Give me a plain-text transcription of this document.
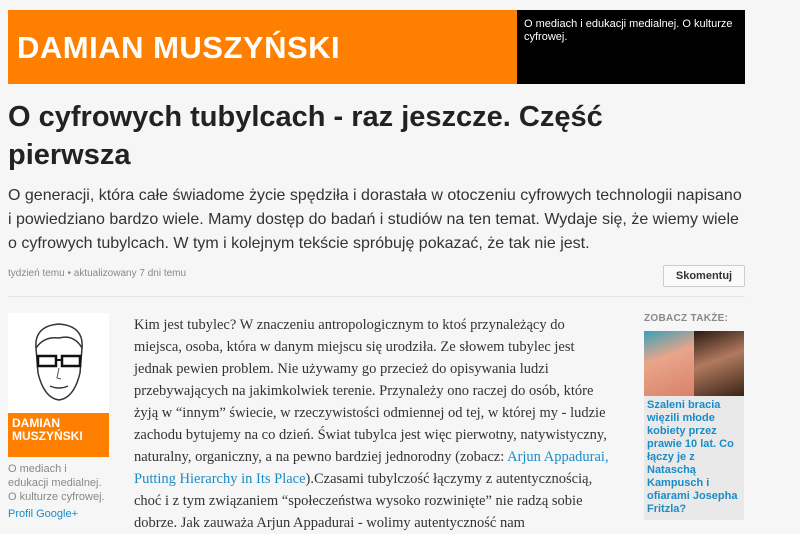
DAMIAN MUSZYŃSKI
O mediach i edukacji medialnej. O kulturze cyfrowej.
O cyfrowych tubylcach - raz jeszcze. Część pierwsza

O generacji, która całe świadome życie spędziła i dorastała w otoczeniu cyfrowych technologii napisano i powiedziano bardzo wiele. Mamy dostęp do badań i studiów na ten temat. Wydaje się, że wiemy wiele o cyfrowych tubylcach. W tym i kolejnym tekście spróbuję pokazać, że tak nie jest.

tydzień temu • aktualizowany 7 dni temu	Skomentuj
DAMIAN MUSZYŃSKI
O mediach i edukacji medialnej. O kulturze cyfrowej.
Profil Google+
Kim jest tubylec? W znaczeniu antropologicznym to ktoś przynależący do miejsca, osoba, która w danym miejscu się urodziła. Ze słowem tubylec jest jednak pewien problem. Nie używamy go przecież do opisywania ludzi przebywających na jakimkolwiek terenie. Przynależy ono raczej do osób, które żyją w “innym” świecie, w rzeczywistości odmiennej od tej, w której my - ludzie zachodu bytujemy na co dzień. Świat tubylca jest więc pierwotny, natywistyczny, naturalny, organiczny, a na pewno bardziej jednorodny (zobacz: Arjun Appadurai, Putting Hierarchy in Its Place).Czasami tubylczość łączymy z autentycznością, choć i z tym związaniem “społeczeństwa wysoko rozwinięte” nie radzą sobie dobrze. Jak zauważa Arjun Appadurai - wolimy autentyczność nam
ZOBACZ TAKŻE:
Szaleni bracia więzili młode kobiety przez prawie 10 lat. Co łączy je z Nataschą Kampusch i ofiarami Josepha Fritzla?
